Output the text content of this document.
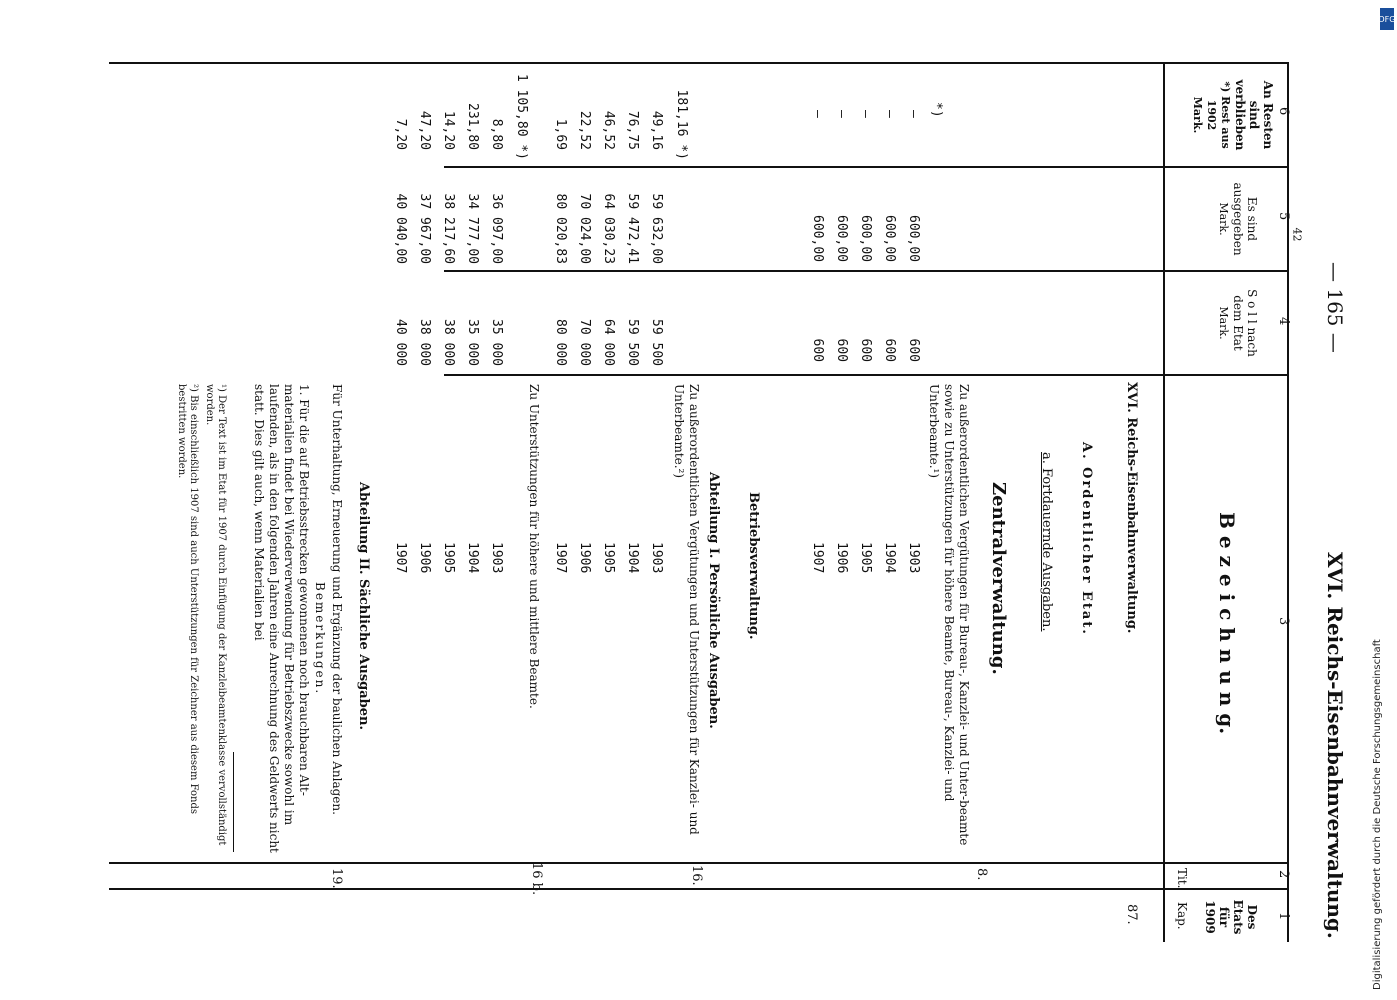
— 165 —
XVI. Reichs-Eisenbahnverwaltung.
6
5
4
3
2
1
An Resten sind verblieben
*) Rest aus 1902
Mark.
Es sind ausgegeben
Mark.
S o l l nach dem Etat
Mark.
B e z e i c h n u n g.
Des Etats für 1909
Tit.
Kap.
87.
XVI. Reichs-Eisenbahnverwaltung.
A. Ordentlicher Etat.
a. Fortdauernde Ausgaben.
Zentralverwaltung.
8.
Zu außerordentlichen Vergütungen für Bureau-, Kanzlei- und Unter-beamte sowie zu Unterstützungen für höhere Beamte, Bureau-, Kanzlei- und Unterbeamte.¹)
1903
1904
1905
1906
1907
600
600
600
600
600
600,00
600,00
600,00
600,00
600,00
*)
—
—
—
—
—
Betriebsverwaltung.
Abteilung I. Persönliche Ausgaben.
16.
Zu außerordentlichen Vergütungen und Unterstützungen für Kanzlei- und Unterbeamte.²)
181,16 *)
1903
1904
1905
1906
1907
59 500
59 500
64 000
70 000
80 000
59 632,00
59 472,41
64 030,23
70 024,00
80 020,83
49,16
76,75
46,52
22,52
1,69
16 b.
Zu Unterstützungen für höhere und mittlere Beamte.
1 105,80 *)
1903
1904
1905
1906
1907
35 000
35 000
38 000
38 000
40 000
36 097,00
34 777,00
38 217,60
37 967,00
40 040,00
8,80
231,80
14,20
47,20
7,20
Abteilung II. Sächliche Ausgaben.
19.
Für Unterhaltung, Erneuerung und Ergänzung der baulichen Anlagen.
Bemerkungen.
1. Für die auf Betriebsstrecken gewonnenen noch brauchbaren Alt-materialien findet bei Wiederverwendung für Betriebszwecke sowohl im laufenden, als in den folgenden Jahren eine Anrechnung des Geldwerts nicht statt. Dies gilt auch, wenn Materialien bei
¹) Der Text ist im Etat für 1907 durch Einfügung der Kanzleibeamtenklasse vervollständigt worden.
²) Bis einschließlich 1907 sind auch Unterstützungen für Zeichner aus diesem Fonds bestritten worden.
42
DFG
Digitalisierung gefördert durch die Deutsche Forschungsgemeinschaft
